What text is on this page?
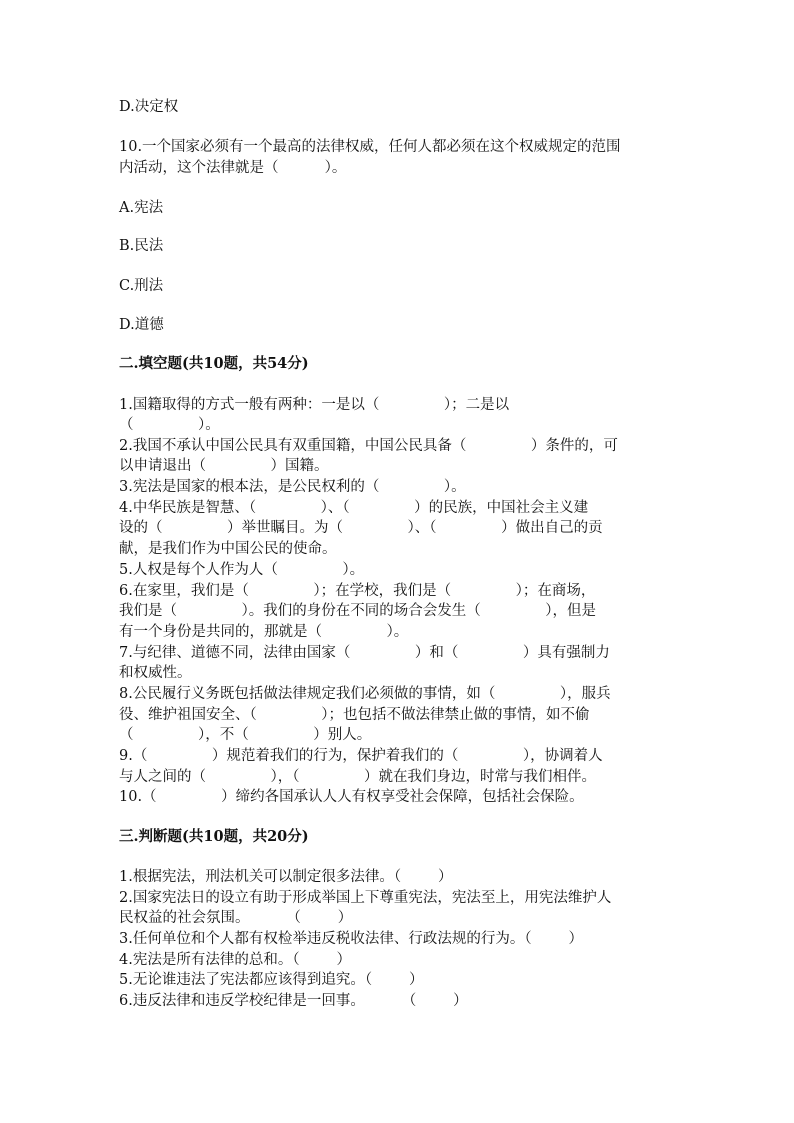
D.决定权
10.一个国家必须有一个最高的法律权威，任何人都必须在这个权威规定的范围
内活动，这个法律就是（          ）。
A.宪法
B.民法
C.刑法
D.道德
二.填空题(共10题，共54分)
1.国籍取得的方式一般有两种：一是以（              ）；二是以
（              ）。
2.我国不承认中国公民具有双重国籍，中国公民具备（              ）条件的，可
以申请退出（              ）国籍。
3.宪法是国家的根本法，是公民权利的（              ）。
4.中华民族是智慧、（              ）、（              ）的民族，中国社会主义建
设的（              ）举世瞩目。为（              ）、（              ）做出自己的贡
献，是我们作为中国公民的使命。
5.人权是每个人作为人（              ）。
6.在家里，我们是（              ）；在学校，我们是（              ）；在商场，
我们是（              ）。我们的身份在不同的场合会发生（              ），但是
有一个身份是共同的，那就是（              ）。
7.与纪律、道德不同，法律由国家（              ）和（              ）具有强制力
和权威性。
8.公民履行义务既包括做法律规定我们必须做的事情，如（              ），服兵
役、维护祖国安全、（              ）；也包括不做法律禁止做的事情，如不偷
（              ），不（              ）别人。
9.（              ）规范着我们的行为，保护着我们的（              ），协调着人
与人之间的（              ），（              ）就在我们身边，时常与我们相伴。
10.（              ）缔约各国承认人人有权享受社会保障，包括社会保险。
三.判断题(共10题，共20分)
1.根据宪法，刑法机关可以制定很多法律。（        ）
2.国家宪法日的设立有助于形成举国上下尊重宪法，宪法至上，用宪法维护人
民权益的社会氛围。        （        ）
3.任何单位和个人都有权检举违反税收法律、行政法规的行为。（        ）
4.宪法是所有法律的总和。（        ）
5.无论谁违法了宪法都应该得到追究。（        ）
6.违反法律和违反学校纪律是一回事。        （        ）
